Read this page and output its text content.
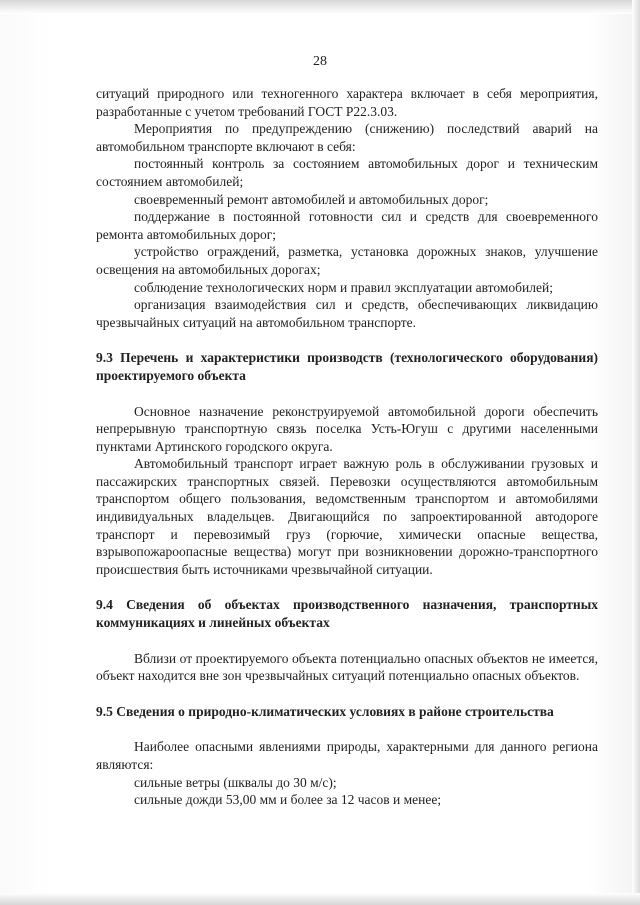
28

ситуаций природного или техногенного характера включает в себя мероприятия, разработанные с учетом требований ГОСТ Р22.3.03.

Мероприятия по предупреждению (снижению) последствий аварий на автомобильном транспорте включают в себя:

постоянный контроль за состоянием автомобильных дорог и техническим состоянием автомобилей;

своевременный ремонт автомобилей и автомобильных дорог;

поддержание в постоянной готовности сил и средств для своевременного ремонта автомобильных дорог;

устройство ограждений, разметка, установка дорожных знаков, улучшение освещения на автомобильных дорогах;

соблюдение технологических норм и правил эксплуатации автомобилей;

организация взаимодействия сил и средств, обеспечивающих ликвидацию чрезвычайных ситуаций на автомобильном транспорте.

9.3 Перечень и характеристики производств (технологического оборудования) проектируемого объекта

Основное назначение реконструируемой автомобильной дороги обеспечить непрерывную транспортную связь поселка Усть-Югуш с другими населенными пунктами Артинского городского округа.

Автомобильный транспорт играет важную роль в обслуживании грузовых и пассажирских транспортных связей. Перевозки осуществляются автомобильным транспортом общего пользования, ведомственным транспортом и автомобилями индивидуальных владельцев. Двигающийся по запроектированной автодороге транспорт и перевозимый груз (горючие, химически опасные вещества, взрывопожароопасные вещества) могут при возникновении дорожно-транспортного происшествия быть источниками чрезвычайной ситуации.

9.4 Сведения об объектах производственного назначения, транспортных коммуникациях и линейных объектах

Вблизи от проектируемого объекта потенциально опасных объектов не имеется, объект находится вне зон чрезвычайных ситуаций потенциально опасных объектов.

9.5 Сведения о природно-климатических условиях в районе строительства

Наиболее опасными явлениями природы, характерными для данного региона являются:

сильные ветры (шквалы до 30 м/с);

сильные дожди 53,00 мм и более за 12 часов и менее;
